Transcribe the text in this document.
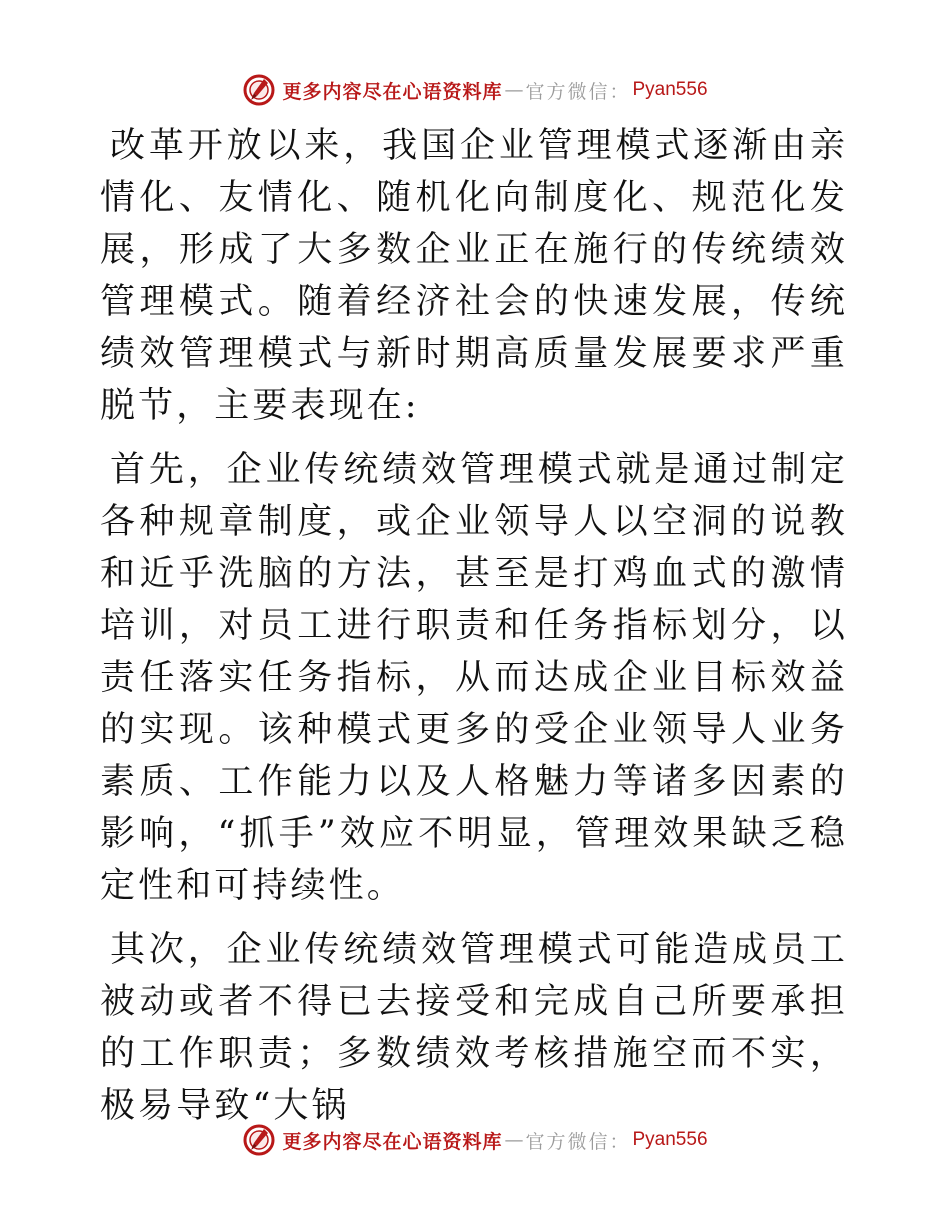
更多内容尽在心语资料库 — 官方微信： Pyan556

改革开放以来，我国企业管理模式逐渐由亲情化、友情化、随机化向制度化、规范化发展，形成了大多数企业正在施行的传统绩效管理模式。随着经济社会的快速发展，传统绩效管理模式与新时期高质量发展要求严重脱节，主要表现在:

首先，企业传统绩效管理模式就是通过制定各种规章制度，或企业领导人以空洞的说教和近乎洗脑的方法，甚至是打鸡血式的激情培训，对员工进行职责和任务指标划分，以责任落实任务指标，从而达成企业目标效益的实现。该种模式更多的受企业领导人业务素质、工作能力以及人格魅力等诸多因素的影响，“抓手”效应不明显，管理效果缺乏稳定性和可持续性。

其次，企业传统绩效管理模式可能造成员工被动或者不得已去接受和完成自己所要承担的工作职责；多数绩效考核措施空而不实，极易导致“大锅

更多内容尽在心语资料库 — 官方微信： Pyan556
